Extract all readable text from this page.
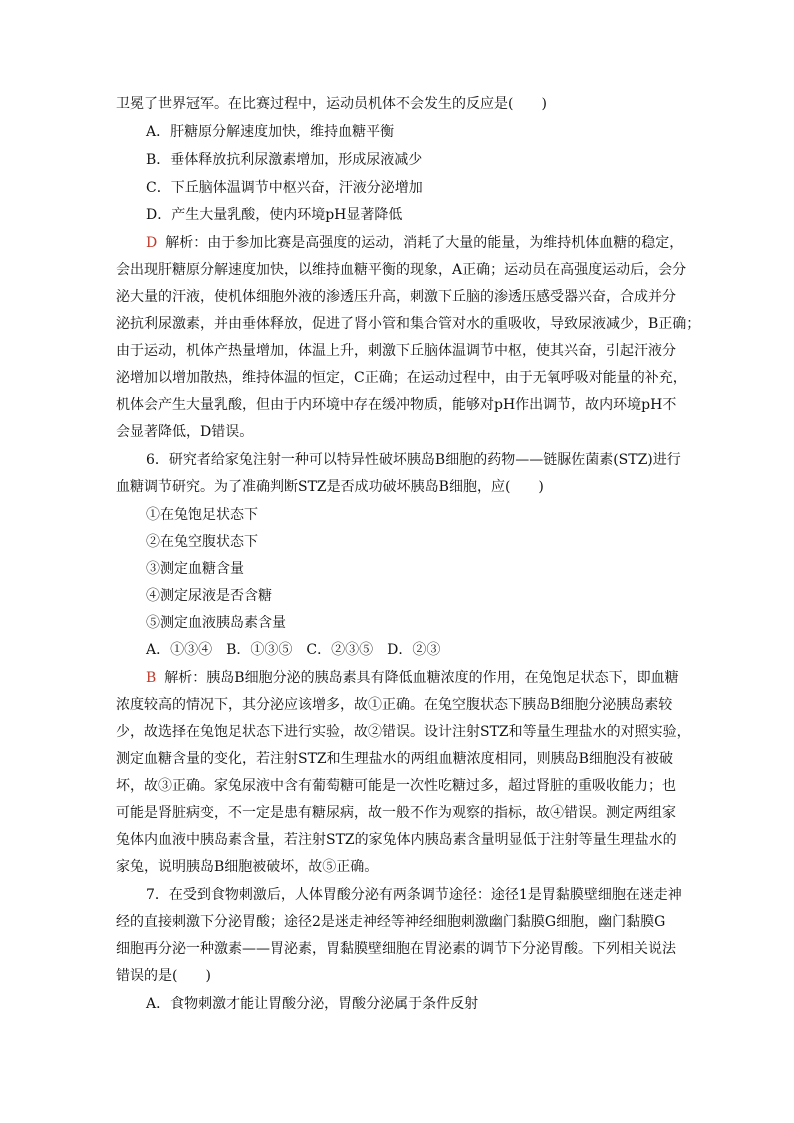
卫冕了世界冠军。在比赛过程中，运动员机体不会发生的反应是(　　)
A．肝糖原分解速度加快，维持血糖平衡
B．垂体释放抗利尿激素增加，形成尿液减少
C．下丘脑体温调节中枢兴奋，汗液分泌增加
D．产生大量乳酸，使内环境pH显著降低
D 解析：由于参加比赛是高强度的运动，消耗了大量的能量，为维持机体血糖的稳定，
会出现肝糖原分解速度加快，以维持血糖平衡的现象，A正确；运动员在高强度运动后，会分
泌大量的汗液，使机体细胞外液的渗透压升高，刺激下丘脑的渗透压感受器兴奋，合成并分
泌抗利尿激素，并由垂体释放，促进了肾小管和集合管对水的重吸收，导致尿液减少，B正确；
由于运动，机体产热量增加，体温上升，刺激下丘脑体温调节中枢，使其兴奋，引起汗液分
泌增加以增加散热，维持体温的恒定，C正确；在运动过程中，由于无氧呼吸对能量的补充，
机体会产生大量乳酸，但由于内环境中存在缓冲物质，能够对pH作出调节，故内环境pH不
会显著降低，D错误。
6．研究者给家兔注射一种可以特异性破坏胰岛B细胞的药物——链脲佐菌素(STZ)进行
血糖调节研究。为了准确判断STZ是否成功破坏胰岛B细胞，应(　　)
①在兔饱足状态下
②在兔空腹状态下
③测定血糖含量
④测定尿液是否含糖
⑤测定血液胰岛素含量
A．①③④　B．①③⑤　C．②③⑤　D．②③
B 解析：胰岛B细胞分泌的胰岛素具有降低血糖浓度的作用，在兔饱足状态下，即血糖
浓度较高的情况下，其分泌应该增多，故①正确。在兔空腹状态下胰岛B细胞分泌胰岛素较
少，故选择在兔饱足状态下进行实验，故②错误。设计注射STZ和等量生理盐水的对照实验，
测定血糖含量的变化，若注射STZ和生理盐水的两组血糖浓度相同，则胰岛B细胞没有被破
坏，故③正确。家兔尿液中含有葡萄糖可能是一次性吃糖过多，超过肾脏的重吸收能力；也
可能是肾脏病变，不一定是患有糖尿病，故一般不作为观察的指标，故④错误。测定两组家
兔体内血液中胰岛素含量，若注射STZ的家兔体内胰岛素含量明显低于注射等量生理盐水的
家兔，说明胰岛B细胞被破坏，故⑤正确。
7．在受到食物刺激后，人体胃酸分泌有两条调节途径：途径1是胃黏膜壁细胞在迷走神
经的直接刺激下分泌胃酸；途径2是迷走神经等神经细胞刺激幽门黏膜G细胞，幽门黏膜G
细胞再分泌一种激素——胃泌素，胃黏膜壁细胞在胃泌素的调节下分泌胃酸。下列相关说法
错误的是(　　)
A．食物刺激才能让胃酸分泌，胃酸分泌属于条件反射
